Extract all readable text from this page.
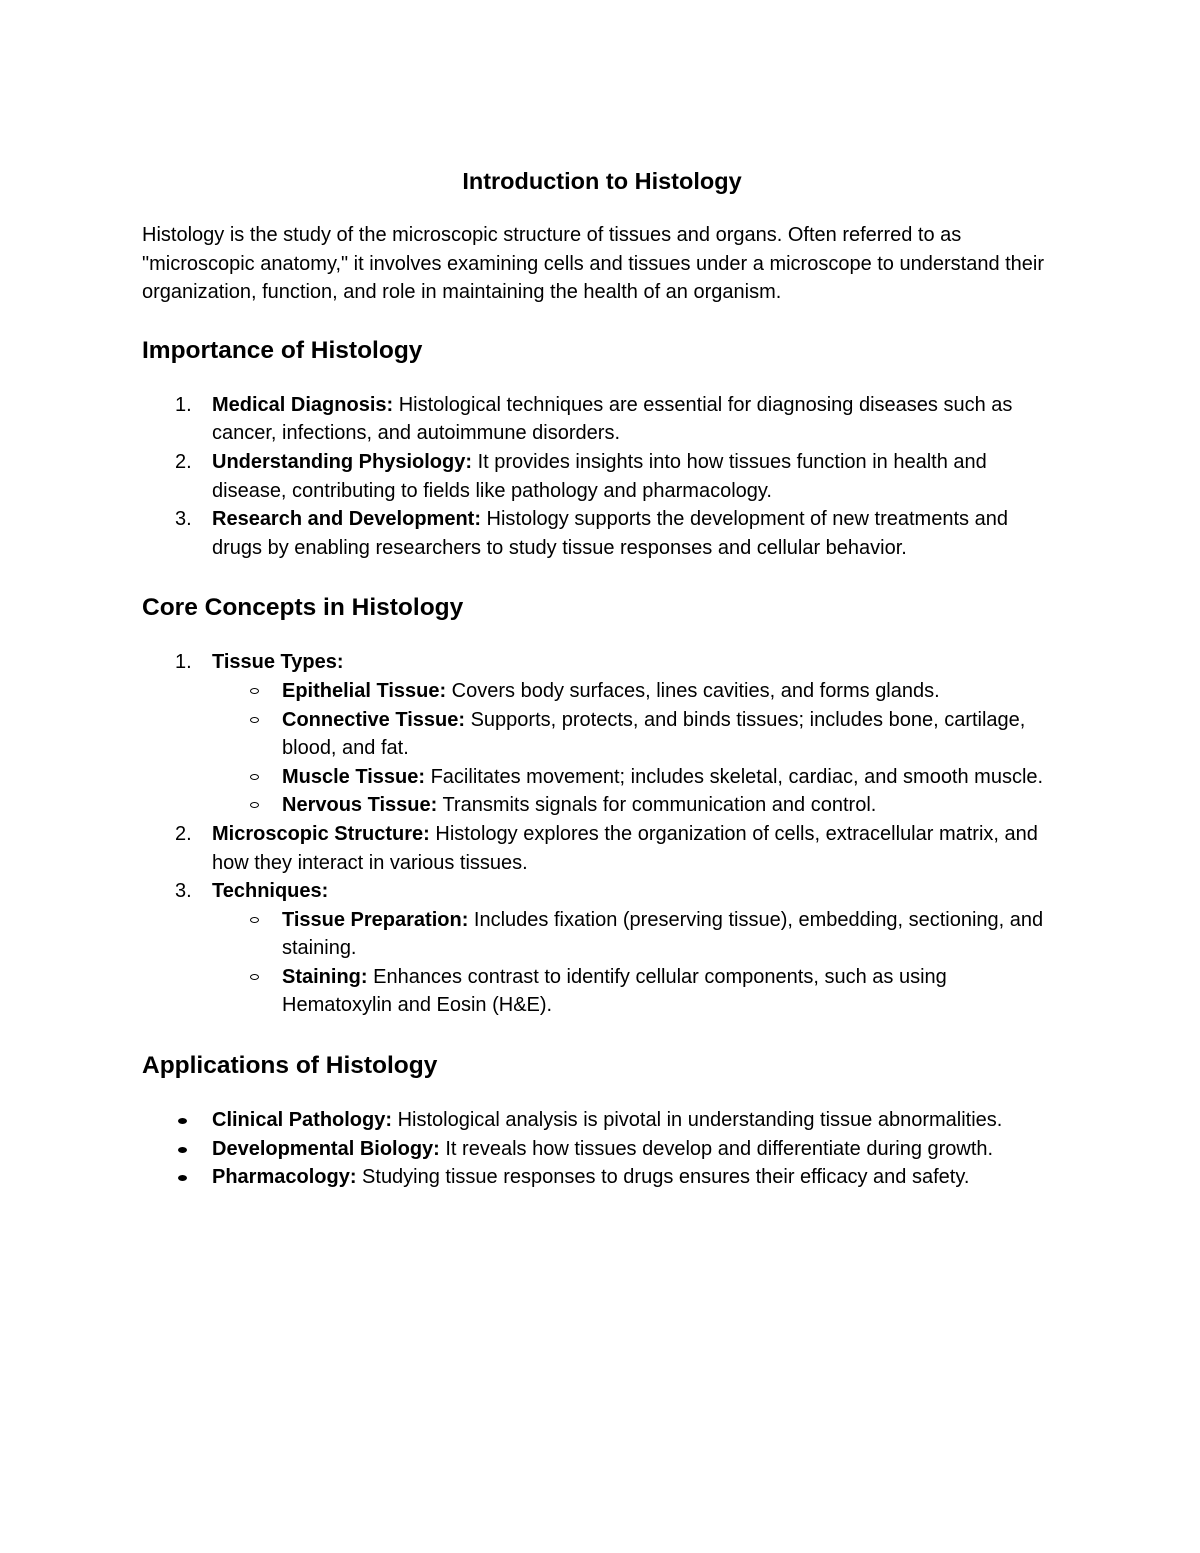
Introduction to Histology

Histology is the study of the microscopic structure of tissues and organs. Often referred to as "microscopic anatomy," it involves examining cells and tissues under a microscope to understand their organization, function, and role in maintaining the health of an organism.

Importance of Histology
1. Medical Diagnosis: Histological techniques are essential for diagnosing diseases such as cancer, infections, and autoimmune disorders.
2. Understanding Physiology: It provides insights into how tissues function in health and disease, contributing to fields like pathology and pharmacology.
3. Research and Development: Histology supports the development of new treatments and drugs by enabling researchers to study tissue responses and cellular behavior.
Core Concepts in Histology
1. Tissue Types:
Epithelial Tissue: Covers body surfaces, lines cavities, and forms glands.
Connective Tissue: Supports, protects, and binds tissues; includes bone, cartilage, blood, and fat.
Muscle Tissue: Facilitates movement; includes skeletal, cardiac, and smooth muscle.
Nervous Tissue: Transmits signals for communication and control.
2. Microscopic Structure: Histology explores the organization of cells, extracellular matrix, and how they interact in various tissues.
3. Techniques:
Tissue Preparation: Includes fixation (preserving tissue), embedding, sectioning, and staining.
Staining: Enhances contrast to identify cellular components, such as using Hematoxylin and Eosin (H&E).
Applications of Histology
Clinical Pathology: Histological analysis is pivotal in understanding tissue abnormalities.
Developmental Biology: It reveals how tissues develop and differentiate during growth.
Pharmacology: Studying tissue responses to drugs ensures their efficacy and safety.
